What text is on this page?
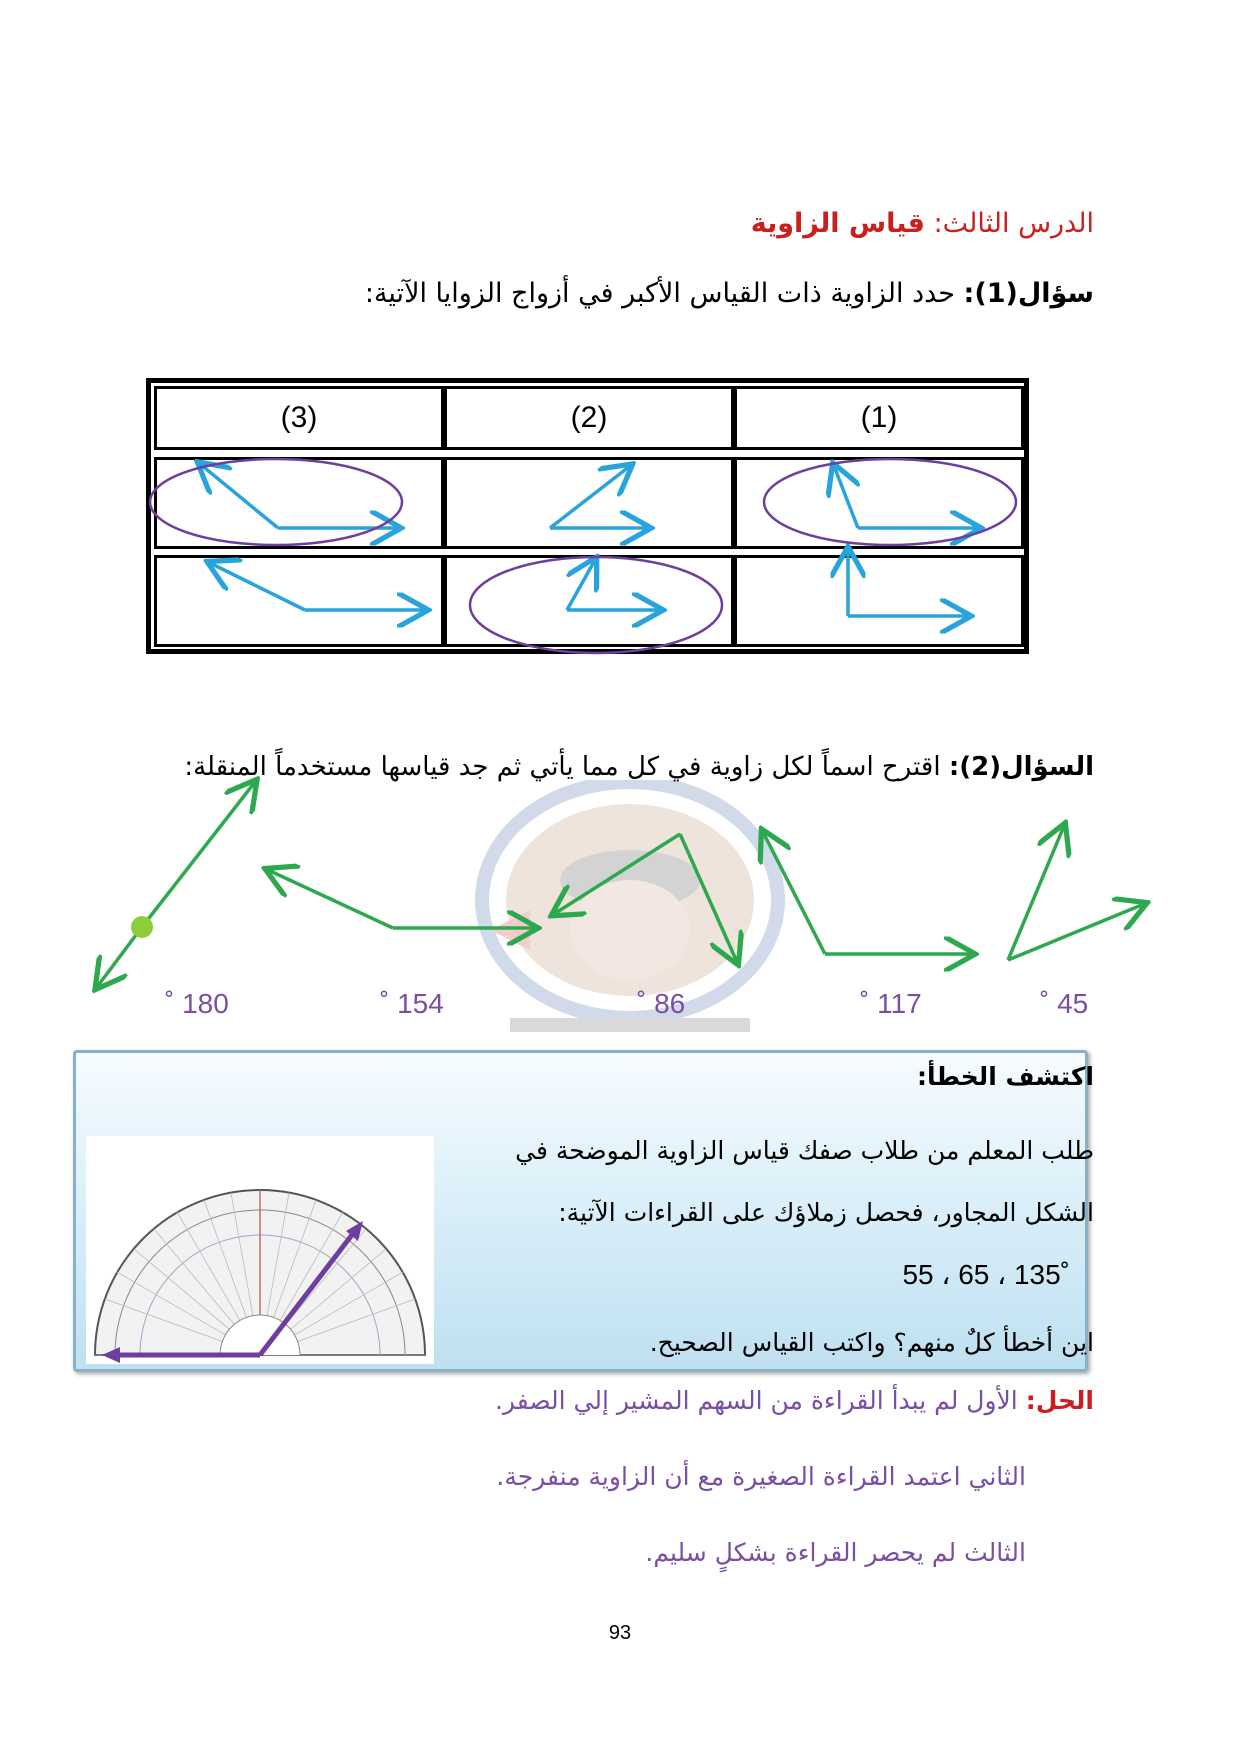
الدرس الثالث: قياس الزاوية
سؤال(1): حدد الزاوية ذات القياس الأكبر في أزواج الزوايا الآتية:
(3)	(2)	(1)
السؤال(2): اقترح اسماً لكل زاوية في كل مما يأتي ثم جد قياسها مستخدماً المنقلة:
˚ 180	˚ 154	˚ 86	˚ 117	˚ 45
اكتشف الخطأ:
طلب المعلم من طلاب صفك قياس الزاوية الموضحة في
الشكل المجاور، فحصل زملاؤك على القراءات الآتية:
55 ، 65 ، 135˚
اين أخطأ كلٌ منهم؟ واكتب القياس الصحيح.
الحل: الأول لم يبدأ القراءة من السهم المشير إلي الصفر.
الثاني اعتمد القراءة الصغيرة مع أن الزاوية منفرجة.
الثالث لم يحصر القراءة بشكلٍ سليم.
93
